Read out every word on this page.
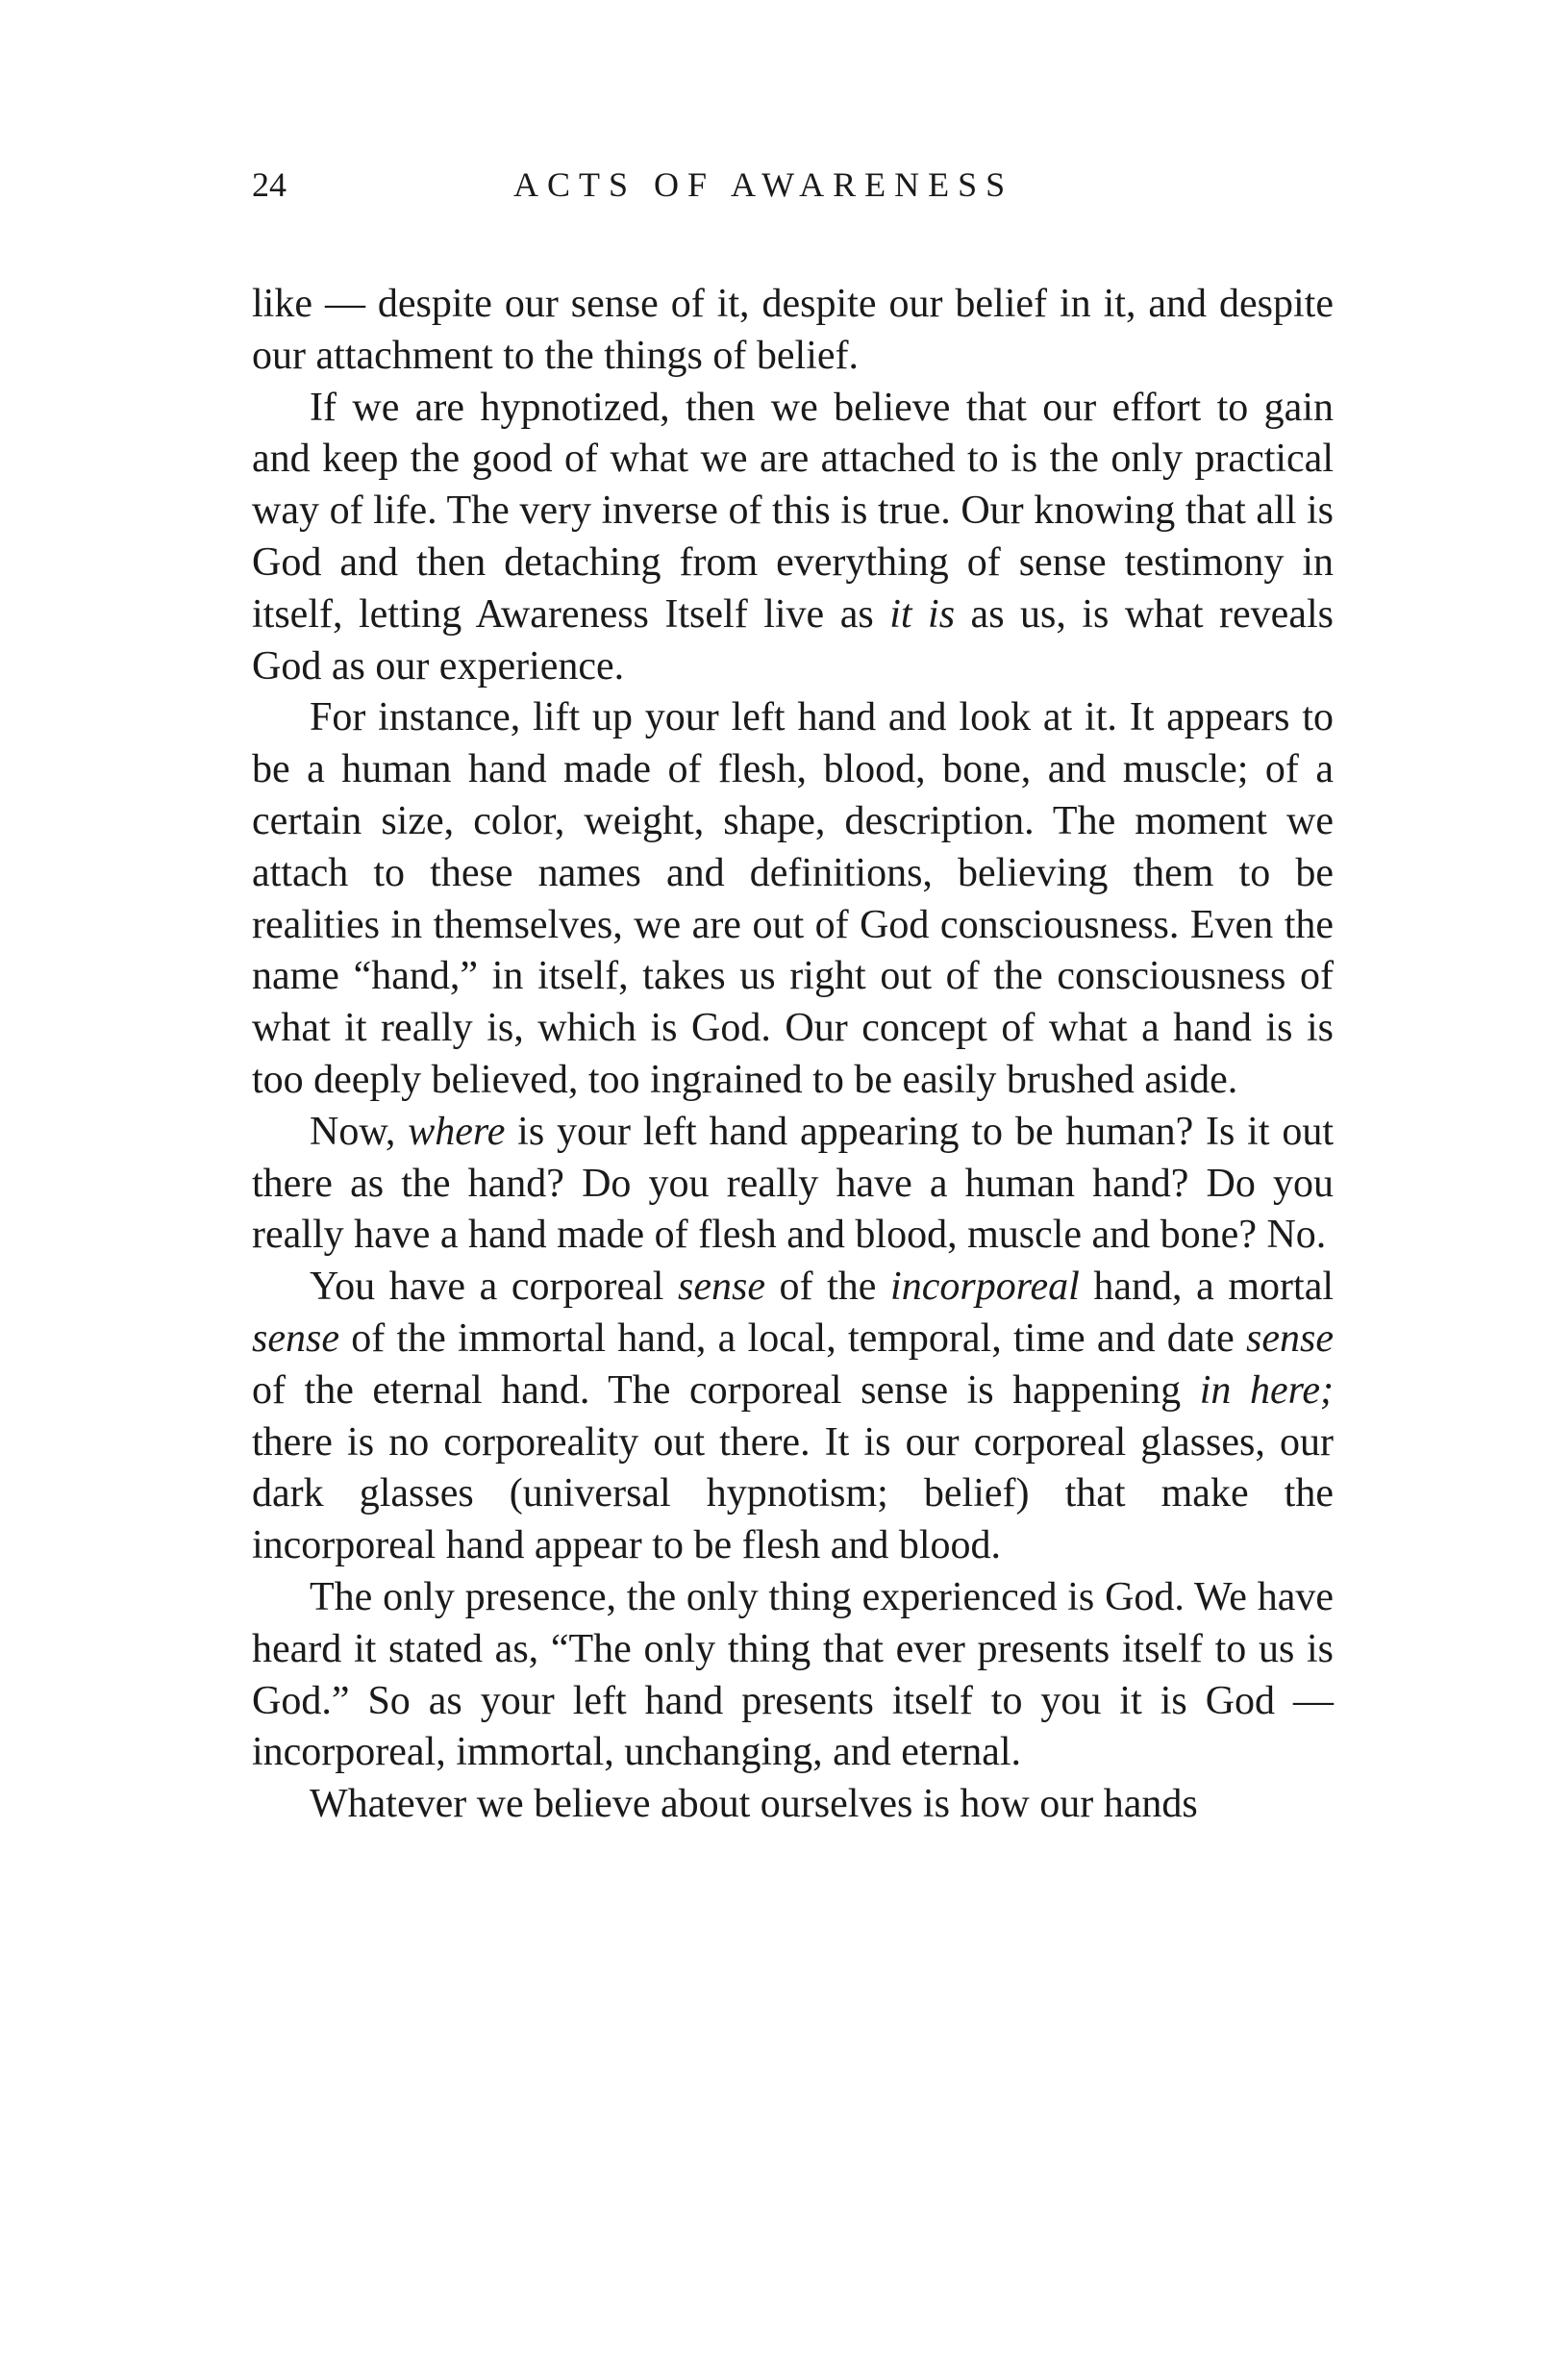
24	ACTS OF AWARENESS

like — despite our sense of it, despite our belief in it, and despite our attachment to the things of belief.

If we are hypnotized, then we believe that our effort to gain and keep the good of what we are attached to is the only practical way of life. The very inverse of this is true. Our knowing that all is God and then detaching from everything of sense testimony in itself, letting Awareness Itself live as it is as us, is what reveals God as our experience.

For instance, lift up your left hand and look at it. It appears to be a human hand made of flesh, blood, bone, and muscle; of a certain size, color, weight, shape, description. The moment we attach to these names and definitions, believing them to be realities in themselves, we are out of God consciousness. Even the name “hand,” in itself, takes us right out of the consciousness of what it really is, which is God. Our concept of what a hand is is too deeply believed, too ingrained to be easily brushed aside.

Now, where is your left hand appearing to be human? Is it out there as the hand? Do you really have a human hand? Do you really have a hand made of flesh and blood, muscle and bone? No.

You have a corporeal sense of the incorporeal hand, a mortal sense of the immortal hand, a local, temporal, time and date sense of the eternal hand. The corporeal sense is happening in here; there is no corporeality out there. It is our corporeal glasses, our dark glasses (universal hypnotism; belief) that make the incorporeal hand appear to be flesh and blood.

The only presence, the only thing experienced is God. We have heard it stated as, “The only thing that ever presents itself to us is God.” So as your left hand presents itself to you it is God — incorporeal, immortal, unchanging, and eternal.

Whatever we believe about ourselves is how our hands
